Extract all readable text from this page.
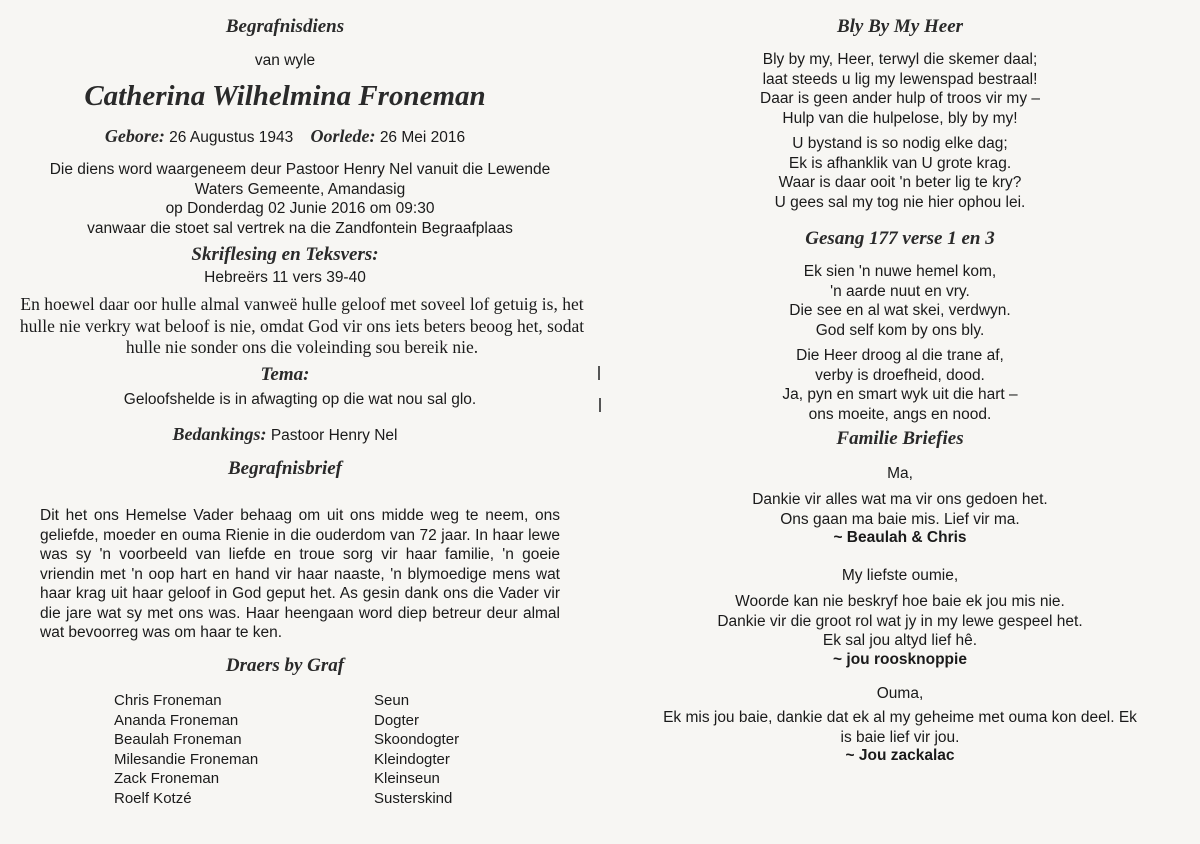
Begrafnisdiens
van wyle
Catherina Wilhelmina Froneman
Gebore: 26 Augustus 1943 Oorlede: 26 Mei 2016
Die diens word waargeneem deur Pastoor Henry Nel vanuit die Lewende
Waters Gemeente, Amandasig
op Donderdag 02 Junie 2016 om 09:30
vanwaar die stoet sal vertrek na die Zandfontein Begraafplaas
Skriflesing en Teksvers:
Hebreërs 11 vers 39-40
En hoewel daar oor hulle almal vanweë hulle geloof met soveel lof getuig is, het
hulle nie verkry wat beloof is nie, omdat God vir ons iets beters beoog het, sodat
hulle nie sonder ons die voleinding sou bereik nie.
Tema:
Geloofshelde is in afwagting op die wat nou sal glo.
Bedankings: Pastoor Henry Nel
Begrafnisbrief
Dit het ons Hemelse Vader behaag om uit ons midde weg te neem, ons geliefde, moeder en ouma Rienie in die ouderdom van 72 jaar. In haar lewe was sy 'n voorbeeld van liefde en troue sorg vir haar familie, 'n goeie vriendin met 'n oop hart en hand vir haar naaste, 'n blymoedige mens wat haar krag uit haar geloof in God geput het. As gesin dank ons die Vader vir die jare wat sy met ons was. Haar heengaan word diep betreur deur almal wat bevoorreg was om haar te ken.
Draers by Graf
Chris Froneman	Seun
Ananda Froneman	Dogter
Beaulah Froneman	Skoondogter
Milesandie Froneman	Kleindogter
Zack Froneman	Kleinseun
Roelf Kotzé	Susterskind
Bly By My Heer
Bly by my, Heer, terwyl die skemer daal;
laat steeds u lig my lewenspad bestraal!
Daar is geen ander hulp of troos vir my –
Hulp van die hulpelose, bly by my!
U bystand is so nodig elke dag;
Ek is afhanklik van U grote krag.
Waar is daar ooit 'n beter lig te kry?
U gees sal my tog nie hier ophou lei.
Gesang 177 verse 1 en 3
Ek sien 'n nuwe hemel kom,
'n aarde nuut en vry.
Die see en al wat skei, verdwyn.
God self kom by ons bly.
Die Heer droog al die trane af,
verby is droefheid, dood.
Ja, pyn en smart wyk uit die hart –
ons moeite, angs en nood.
Familie Briefies
Ma,
Dankie vir alles wat ma vir ons gedoen het.
Ons gaan ma baie mis. Lief vir ma.
~ Beaulah & Chris
My liefste oumie,
Woorde kan nie beskryf hoe baie ek jou mis nie.
Dankie vir die groot rol wat jy in my lewe gespeel het.
Ek sal jou altyd lief hê.
~ jou roosknoppie
Ouma,
Ek mis jou baie, dankie dat ek al my geheime met ouma kon deel. Ek
is baie lief vir jou.
~ Jou zackalac
